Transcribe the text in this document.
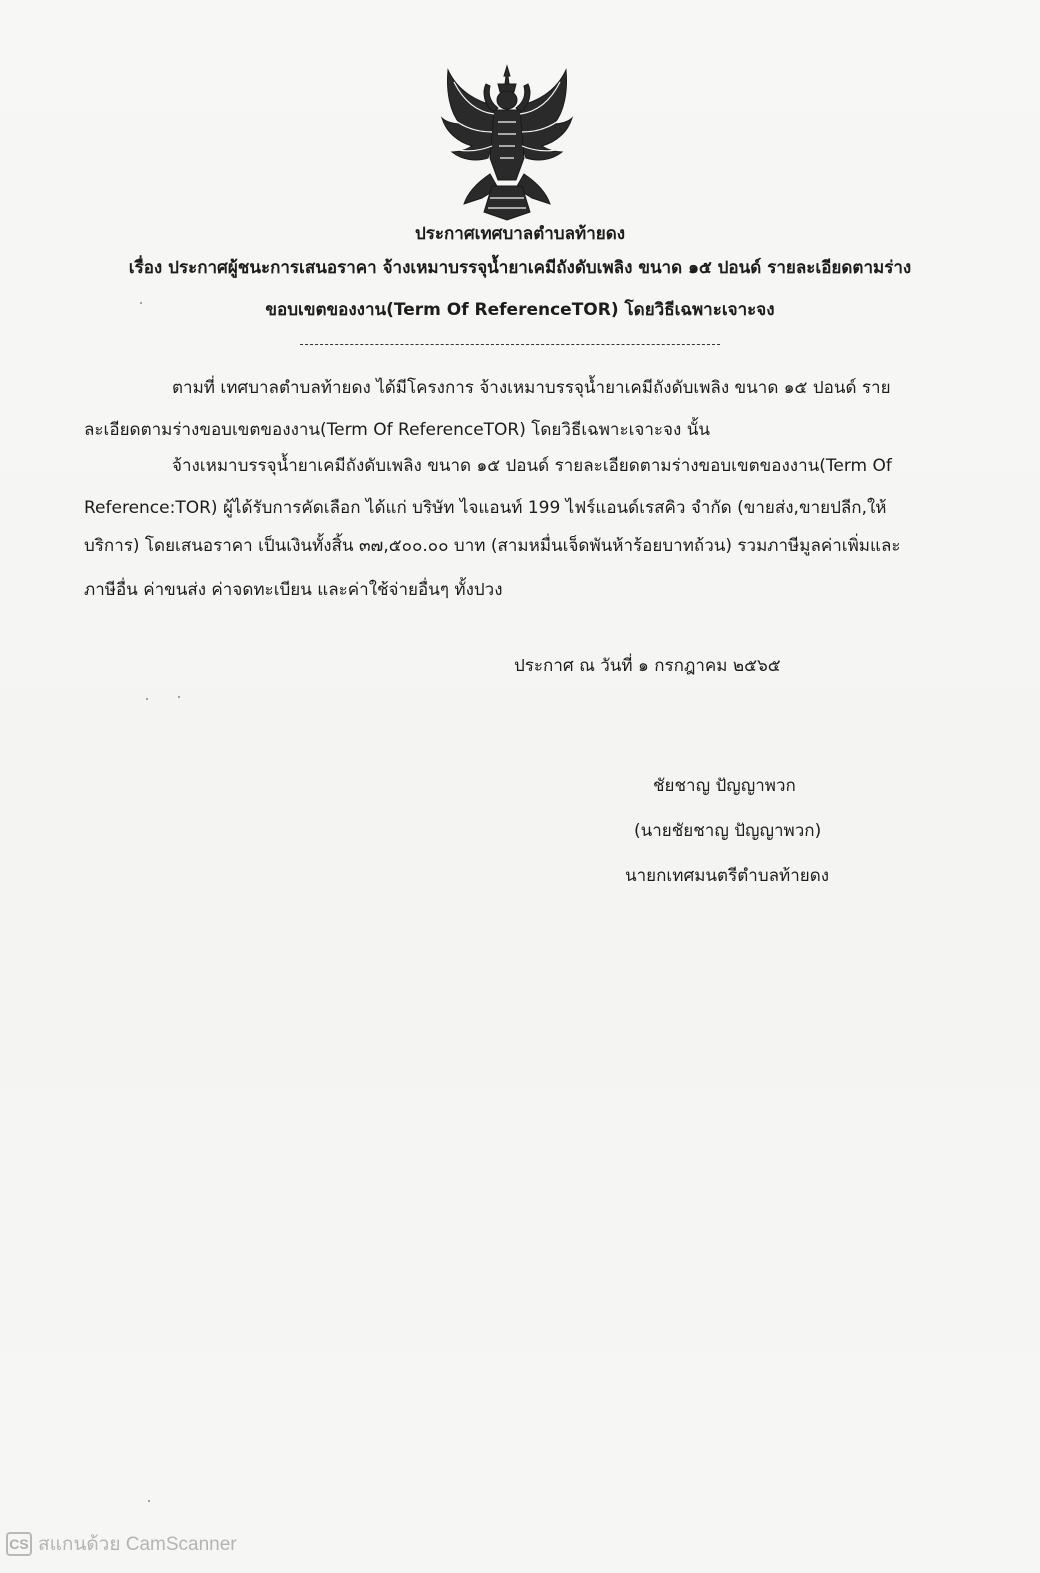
ประกาศเทศบาลตำบลท้ายดง
เรื่อง ประกาศผู้ชนะการเสนอราคา จ้างเหมาบรรจุน้ำยาเคมีถังดับเพลิง ขนาด ๑๕ ปอนด์ รายละเอียดตามร่าง
ขอบเขตของงาน(Term Of ReferenceTOR) โดยวิธีเฉพาะเจาะจง
ตามที่ เทศบาลตำบลท้ายดง ได้มีโครงการ จ้างเหมาบรรจุน้ำยาเคมีถังดับเพลิง ขนาด ๑๕ ปอนด์ ราย
ละเอียดตามร่างขอบเขตของงาน(Term Of ReferenceTOR) โดยวิธีเฉพาะเจาะจง นั้น
จ้างเหมาบรรจุน้ำยาเคมีถังดับเพลิง ขนาด ๑๕ ปอนด์ รายละเอียดตามร่างขอบเขตของงาน(Term Of
Reference:TOR) ผู้ได้รับการคัดเลือก ได้แก่ บริษัท ไจแอนท์ 199 ไฟร์แอนด์เรสคิว จำกัด (ขายส่ง,ขายปลีก,ให้
บริการ) โดยเสนอราคา เป็นเงินทั้งสิ้น ๓๗,๕๐๐.๐๐ บาท (สามหมื่นเจ็ดพันห้าร้อยบาทถ้วน) รวมภาษีมูลค่าเพิ่มและ
ภาษีอื่น ค่าขนส่ง ค่าจดทะเบียน และค่าใช้จ่ายอื่นๆ ทั้งปวง
ประกาศ ณ วันที่ ๑ กรกฎาคม ๒๕๖๕
ชัยชาญ ปัญญาพวก
(นายชัยชาญ ปัญญาพวก)
นายกเทศมนตรีตำบลท้ายดง
CS สแกนด้วย CamScanner
